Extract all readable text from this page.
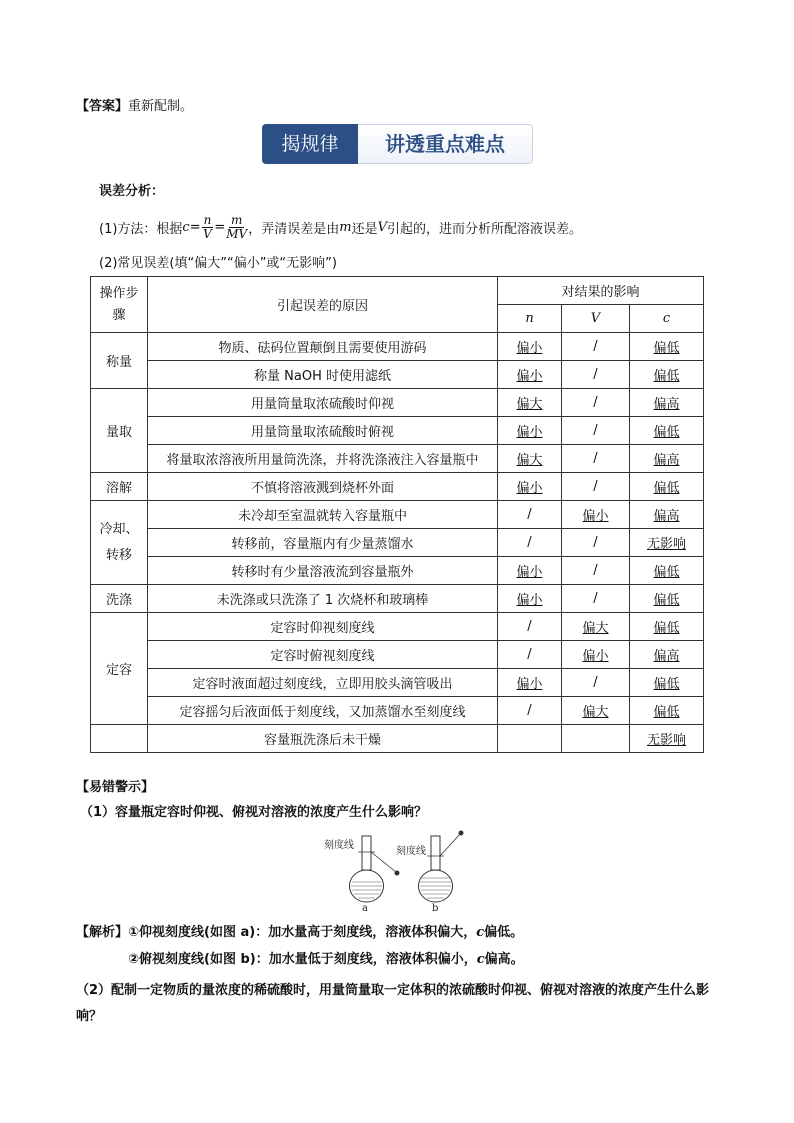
【答案】重新配制。
揭规律	讲透重点难点
误差分析：
(1)方法：根据 $c = \frac{n}{V} = \frac{m}{MV}$ ，弄清误差是由 m 还是 V 引起的，进而分析所配溶液误差。
(2)常见误差(填“偏大”“偏小”或“无影响”)
操作步骤	引起误差的原因	对结果的影响		
		n	V	c
称量	物质、砝码位置颠倒且需要使用游码	偏小	/	偏低
	称量 NaOH 时使用滤纸	偏小	/	偏低
量取	用量筒量取浓硫酸时仰视	偏大	/	偏高
	用量筒量取浓硫酸时俯视	偏小	/	偏低
	将量取浓溶液所用量筒洗涤，并将洗涤液注入容量瓶中	偏大	/	偏高
溶解	不慎将溶液溅到烧杯外面	偏小	/	偏低
冷却、转移	未冷却至室温就转入容量瓶中	/	偏小	偏高
	转移前，容量瓶内有少量蒸馏水	/	/	无影响
	转移时有少量溶液流到容量瓶外	偏小	/	偏低
洗涤	未洗涤或只洗涤了 1 次烧杯和玻璃棒	偏小	/	偏低
定容	定容时仰视刻度线	/	偏大	偏低
	定容时俯视刻度线	/	偏小	偏高
	定容时液面超过刻度线，立即用胶头滴管吸出	偏小	/	偏低
	定容摇匀后液面低于刻度线，又加蒸馏水至刻度线	/	偏大	偏低
	容量瓶洗涤后未干燥			无影响
【易错警示】
（1）容量瓶定容时仰视、俯视对溶液的浓度产生什么影响？
刻度线
a
刻度线
b
【解析】①仰视刻度线(如图 a)：加水量高于刻度线，溶液体积偏大，c偏低。
②俯视刻度线(如图 b)：加水量低于刻度线，溶液体积偏小，c偏高。
（2）配制一定物质的量浓度的稀硫酸时，用量筒量取一定体积的浓硫酸时仰视、俯视对溶液的浓度产生什么影响？
